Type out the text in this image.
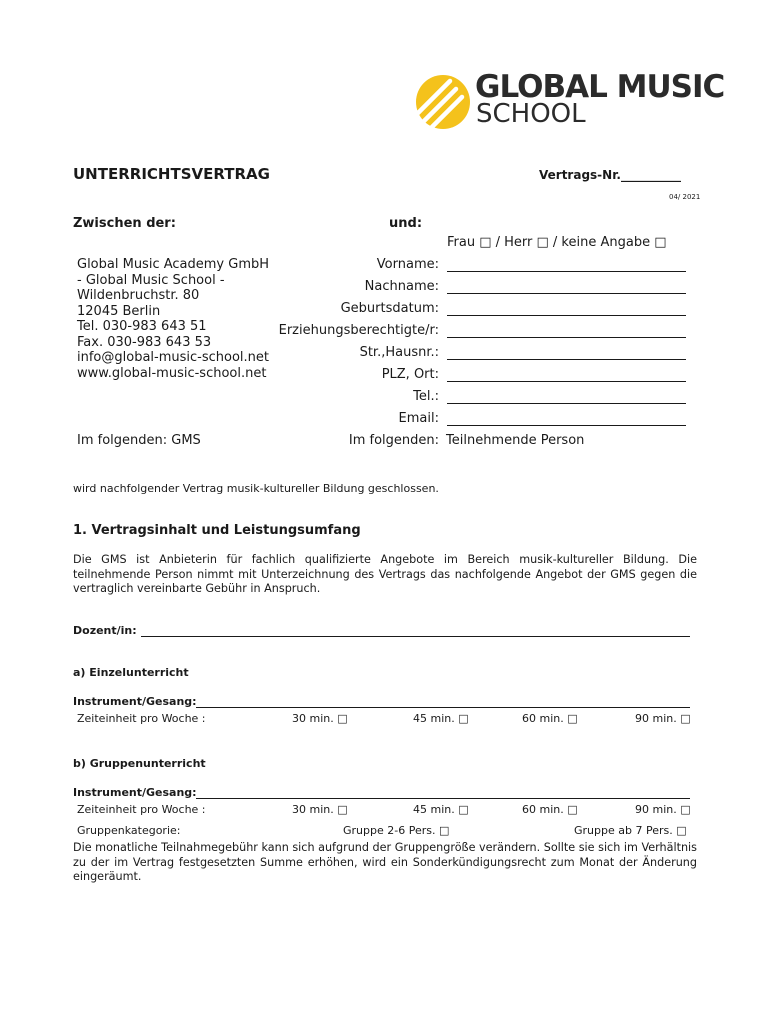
GLOBAL MUSIC
SCHOOL
UNTERRICHTSVERTRAG	Vertrags-Nr.__________
04/ 2021
Zwischen der:	und:
Frau □ / Herr □ / keine Angabe □
Global Music Academy GmbH
- Global Music School -
Wildenbruchstr. 80
12045 Berlin
Tel. 030-983 643 51
Fax. 030-983 643 53
info@global-music-school.net
www.global-music-school.net
Vorname:
Nachname:
Geburtsdatum:
Erziehungsberechtigte/r:
Str.,Hausnr.:
PLZ, Ort:
Tel.:
Email:
Im folgenden: GMS	Im folgenden: Teilnehmende Person
wird nachfolgender Vertrag musik-kultureller Bildung geschlossen.
1. Vertragsinhalt und Leistungsumfang
Die GMS ist Anbieterin für fachlich qualifizierte Angebote im Bereich musik-kultureller Bildung. Die teilnehmende Person nimmt mit Unterzeichnung des Vertrags das nachfolgende Angebot der GMS gegen die vertraglich vereinbarte Gebühr in Anspruch.
Dozent/in:
a) Einzelunterricht
Instrument/Gesang:
Zeiteinheit pro Woche :	30 min. □	45 min. □	60 min. □	90 min. □
b) Gruppenunterricht
Instrument/Gesang:
Zeiteinheit pro Woche :	30 min. □	45 min. □	60 min. □	90 min. □
Gruppenkategorie:	Gruppe 2-6 Pers. □	Gruppe ab 7 Pers. □
Die monatliche Teilnahmegebühr kann sich aufgrund der Gruppengröße verändern. Sollte sie sich im Verhältnis zu der im Vertrag festgesetzten Summe erhöhen, wird ein Sonderkündigungsrecht zum Monat der Änderung eingeräumt.
